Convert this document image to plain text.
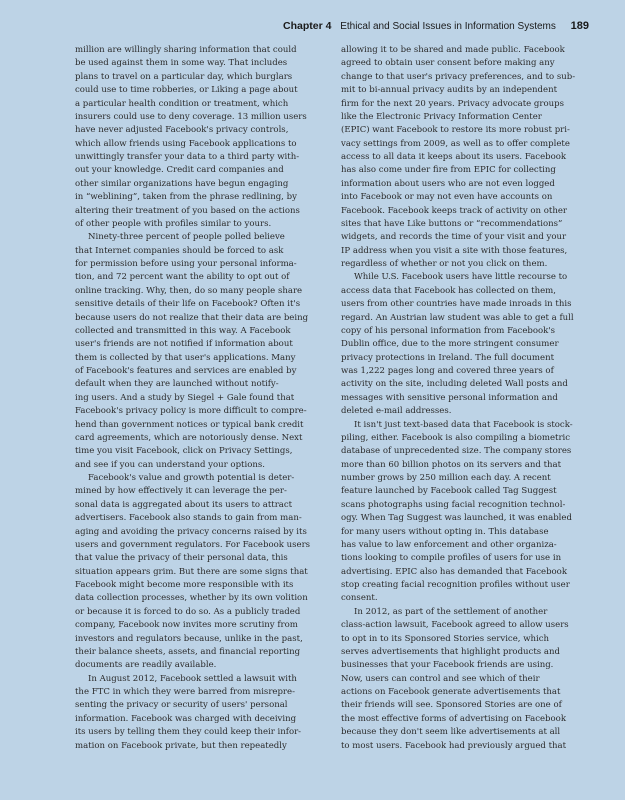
Chapter 4 Ethical and Social Issues in Information Systems 189
million are willingly sharing information that could
be used against them in some way. That includes
plans to travel on a particular day, which burglars
could use to time robberies, or Liking a page about
a particular health condition or treatment, which
insurers could use to deny coverage. 13 million users
have never adjusted Facebook's privacy controls,
which allow friends using Facebook applications to
unwittingly transfer your data to a third party with-
out your knowledge. Credit card companies and
other similar organizations have begun engaging
in “weblining”, taken from the phrase redlining, by
altering their treatment of you based on the actions
of other people with profiles similar to yours.
Ninety-three percent of people polled believe
that Internet companies should be forced to ask
for permission before using your personal informa-
tion, and 72 percent want the ability to opt out of
online tracking. Why, then, do so many people share
sensitive details of their life on Facebook? Often it's
because users do not realize that their data are being
collected and transmitted in this way. A Facebook
user's friends are not notified if information about
them is collected by that user's applications. Many
of Facebook's features and services are enabled by
default when they are launched without notify-
ing users. And a study by Siegel + Gale found that
Facebook's privacy policy is more difficult to compre-
hend than government notices or typical bank credit
card agreements, which are notoriously dense. Next
time you visit Facebook, click on Privacy Settings,
and see if you can understand your options.
Facebook's value and growth potential is deter-
mined by how effectively it can leverage the per-
sonal data is aggregated about its users to attract
advertisers. Facebook also stands to gain from man-
aging and avoiding the privacy concerns raised by its
users and government regulators. For Facebook users
that value the privacy of their personal data, this
situation appears grim. But there are some signs that
Facebook might become more responsible with its
data collection processes, whether by its own volition
or because it is forced to do so. As a publicly traded
company, Facebook now invites more scrutiny from
investors and regulators because, unlike in the past,
their balance sheets, assets, and financial reporting
documents are readily available.
In August 2012, Facebook settled a lawsuit with
the FTC in which they were barred from misrepre-
senting the privacy or security of users' personal
information. Facebook was charged with deceiving
its users by telling them they could keep their infor-
mation on Facebook private, but then repeatedly
allowing it to be shared and made public. Facebook
agreed to obtain user consent before making any
change to that user's privacy preferences, and to sub-
mit to bi-annual privacy audits by an independent
firm for the next 20 years. Privacy advocate groups
like the Electronic Privacy Information Center
(EPIC) want Facebook to restore its more robust pri-
vacy settings from 2009, as well as to offer complete
access to all data it keeps about its users. Facebook
has also come under fire from EPIC for collecting
information about users who are not even logged
into Facebook or may not even have accounts on
Facebook. Facebook keeps track of activity on other
sites that have Like buttons or “recommendations”
widgets, and records the time of your visit and your
IP address when you visit a site with those features,
regardless of whether or not you click on them.
While U.S. Facebook users have little recourse to
access data that Facebook has collected on them,
users from other countries have made inroads in this
regard. An Austrian law student was able to get a full
copy of his personal information from Facebook's
Dublin office, due to the more stringent consumer
privacy protections in Ireland. The full document
was 1,222 pages long and covered three years of
activity on the site, including deleted Wall posts and
messages with sensitive personal information and
deleted e-mail addresses.
It isn't just text-based data that Facebook is stock-
piling, either. Facebook is also compiling a biometric
database of unprecedented size. The company stores
more than 60 billion photos on its servers and that
number grows by 250 million each day. A recent
feature launched by Facebook called Tag Suggest
scans photographs using facial recognition technol-
ogy. When Tag Suggest was launched, it was enabled
for many users without opting in. This database
has value to law enforcement and other organiza-
tions looking to compile profiles of users for use in
advertising. EPIC also has demanded that Facebook
stop creating facial recognition profiles without user
consent.
In 2012, as part of the settlement of another
class-action lawsuit, Facebook agreed to allow users
to opt in to its Sponsored Stories service, which
serves advertisements that highlight products and
businesses that your Facebook friends are using.
Now, users can control and see which of their
actions on Facebook generate advertisements that
their friends will see. Sponsored Stories are one of
the most effective forms of advertising on Facebook
because they don't seem like advertisements at all
to most users. Facebook had previously argued that
